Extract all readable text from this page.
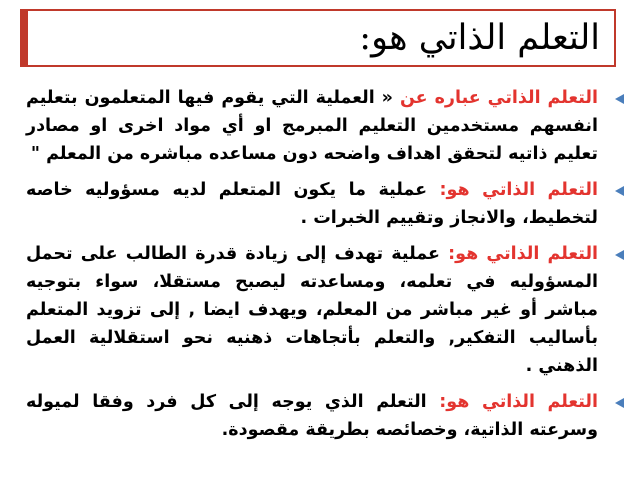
التعلم الذاتي هو:
التعلم الذاتي عباره عن « العملية التي يقوم فيها المتعلمون بتعليم انفسهم مستخدمين التعليم المبرمج او أي مواد اخرى او مصادر تعليم ذاتيه لتحقق اهداف واضحه دون مساعده مباشره من المعلم "
التعلم الذاتي هو: عملية ما يكون المتعلم لديه مسؤوليه خاصه لتخطيط، والانجاز وتقييم الخبرات .
التعلم الذاتي هو: عملية تهدف إلى زيادة قدرة الطالب على تحمل المسؤوليه في تعلمه، ومساعدته ليصبح مستقلا، سواء بتوجيه مباشر أو غير مباشر من المعلم، ويهدف ايضا , إلى تزويد المتعلم بأساليب التفكير, والتعلم بأتجاهات ذهنيه نحو استقلالية العمل الذهني .
التعلم الذاتي هو: التعلم الذي يوجه إلى كل فرد وفقا لميوله وسرعته الذاتية، وخصائصه بطريقة مقصودة.
